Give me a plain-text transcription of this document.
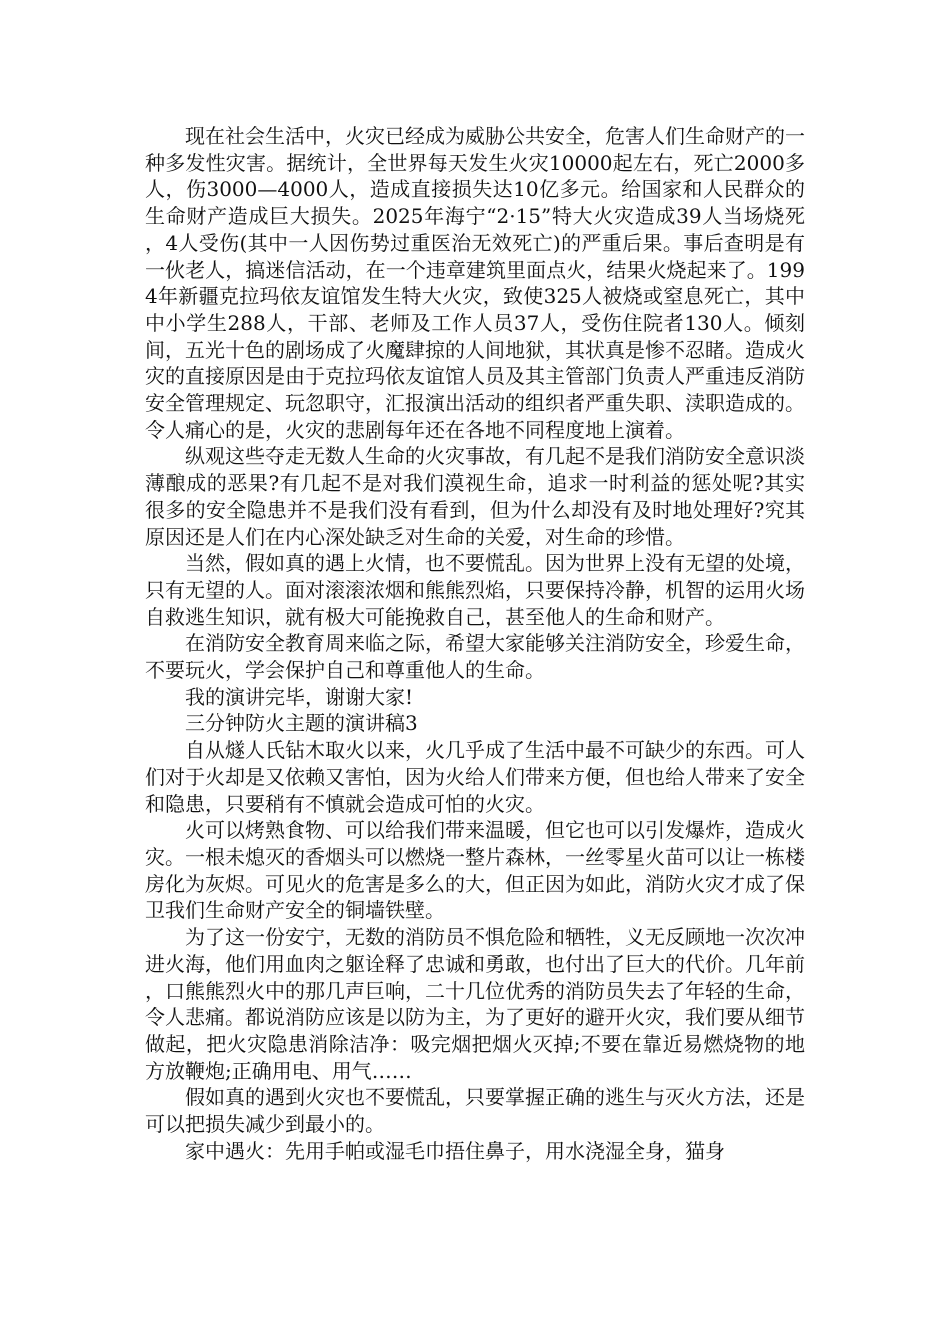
现在社会生活中，火灾已经成为威胁公共安全，危害人们生命财产的一种多发性灾害。据统计，全世界每天发生火灾10000起左右，死亡2000多人，伤3000—4000人，造成直接损失达10亿多元。给国家和人民群众的生命财产造成巨大损失。2025年海宁“2·15”特大火灾造成39人当场烧死，4人受伤(其中一人因伤势过重医治无效死亡)的严重后果。事后查明是有一伙老人，搞迷信活动，在一个违章建筑里面点火，结果火烧起来了。1994年新疆克拉玛依友谊馆发生特大火灾，致使325人被烧或窒息死亡，其中中小学生288人，干部、老师及工作人员37人，受伤住院者130人。倾刻间，五光十色的剧场成了火魔肆掠的人间地狱，其状真是惨不忍睹。造成火灾的直接原因是由于克拉玛依友谊馆人员及其主管部门负责人严重违反消防安全管理规定、玩忽职守，汇报演出活动的组织者严重失职、渎职造成的。令人痛心的是，火灾的悲剧每年还在各地不同程度地上演着。

纵观这些夺走无数人生命的火灾事故，有几起不是我们消防安全意识淡薄酿成的恶果?有几起不是对我们漠视生命，追求一时利益的惩处呢?其实很多的安全隐患并不是我们没有看到，但为什么却没有及时地处理好?究其原因还是人们在内心深处缺乏对生命的关爱，对生命的珍惜。

当然，假如真的遇上火情，也不要慌乱。因为世界上没有无望的处境，只有无望的人。面对滚滚浓烟和熊熊烈焰，只要保持冷静，机智的运用火场自救逃生知识，就有极大可能挽救自己，甚至他人的生命和财产。

在消防安全教育周来临之际，希望大家能够关注消防安全，珍爱生命，不要玩火，学会保护自己和尊重他人的生命。

我的演讲完毕，谢谢大家!

三分钟防火主题的演讲稿3

自从燧人氏钻木取火以来，火几乎成了生活中最不可缺少的东西。可人们对于火却是又依赖又害怕，因为火给人们带来方便，但也给人带来了安全和隐患，只要稍有不慎就会造成可怕的火灾。

火可以烤熟食物、可以给我们带来温暖，但它也可以引发爆炸，造成火灾。一根未熄灭的香烟头可以燃烧一整片森林，一丝零星火苗可以让一栋楼房化为灰烬。可见火的危害是多么的大，但正因为如此，消防火灾才成了保卫我们生命财产安全的铜墙铁壁。

为了这一份安宁，无数的消防员不惧危险和牺牲，义无反顾地一次次冲进火海，他们用血肉之躯诠释了忠诚和勇敢，也付出了巨大的代价。几年前，口熊熊烈火中的那几声巨响，二十几位优秀的消防员失去了年轻的生命，令人悲痛。都说消防应该是以防为主，为了更好的避开火灾，我们要从细节做起，把火灾隐患消除洁净：吸完烟把烟火灭掉;不要在靠近易燃烧物的地方放鞭炮;正确用电、用气……

假如真的遇到火灾也不要慌乱，只要掌握正确的逃生与灭火方法，还是可以把损失减少到最小的。

家中遇火：先用手帕或湿毛巾捂住鼻子，用水浇湿全身，猫身
